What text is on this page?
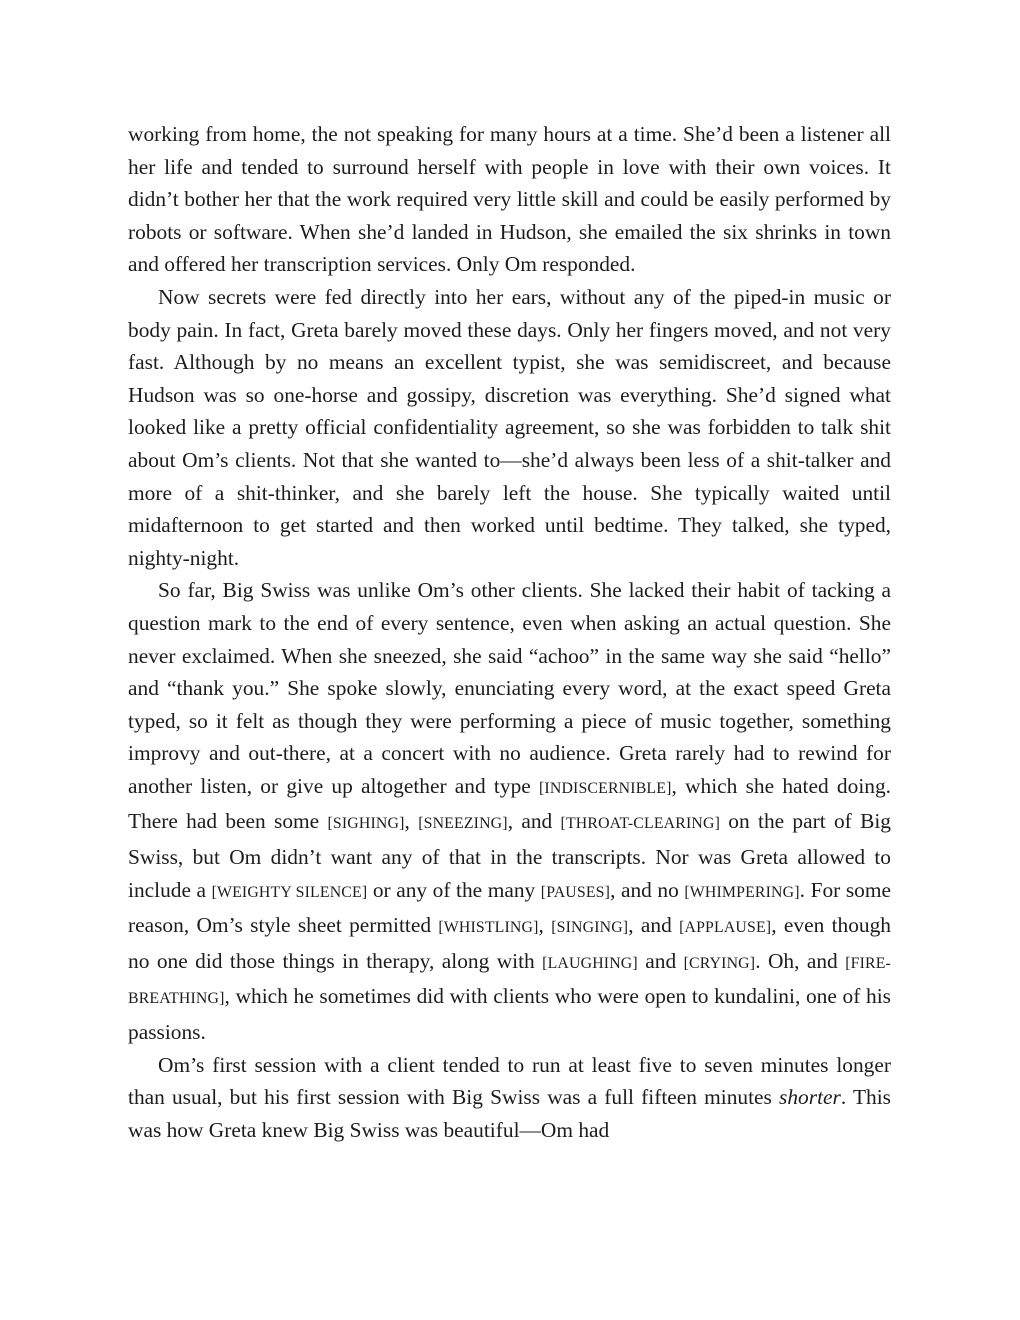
working from home, the not speaking for many hours at a time. She’d been a listener all her life and tended to surround herself with people in love with their own voices. It didn’t bother her that the work required very little skill and could be easily performed by robots or software. When she’d landed in Hudson, she emailed the six shrinks in town and offered her transcription services. Only Om responded.

Now secrets were fed directly into her ears, without any of the piped-in music or body pain. In fact, Greta barely moved these days. Only her fingers moved, and not very fast. Although by no means an excellent typist, she was semidiscreet, and because Hudson was so one-horse and gossipy, discretion was everything. She’d signed what looked like a pretty official confidentiality agreement, so she was forbidden to talk shit about Om’s clients. Not that she wanted to—she’d always been less of a shit-talker and more of a shit-thinker, and she barely left the house. She typically waited until midafternoon to get started and then worked until bedtime. They talked, she typed, nighty-night.

So far, Big Swiss was unlike Om’s other clients. She lacked their habit of tacking a question mark to the end of every sentence, even when asking an actual question. She never exclaimed. When she sneezed, she said “achoo” in the same way she said “hello” and “thank you.” She spoke slowly, enunciating every word, at the exact speed Greta typed, so it felt as though they were performing a piece of music together, something improvy and out-there, at a concert with no audience. Greta rarely had to rewind for another listen, or give up altogether and type [INDISCERNIBLE], which she hated doing. There had been some [SIGHING], [SNEEZING], and [THROAT-CLEARING] on the part of Big Swiss, but Om didn’t want any of that in the transcripts. Nor was Greta allowed to include a [WEIGHTY SILENCE] or any of the many [PAUSES], and no [WHIMPERING]. For some reason, Om’s style sheet permitted [WHISTLING], [SINGING], and [APPLAUSE], even though no one did those things in therapy, along with [LAUGHING] and [CRYING]. Oh, and [FIRE-BREATHING], which he sometimes did with clients who were open to kundalini, one of his passions.

Om’s first session with a client tended to run at least five to seven minutes longer than usual, but his first session with Big Swiss was a full fifteen minutes shorter. This was how Greta knew Big Swiss was beautiful—Om had
